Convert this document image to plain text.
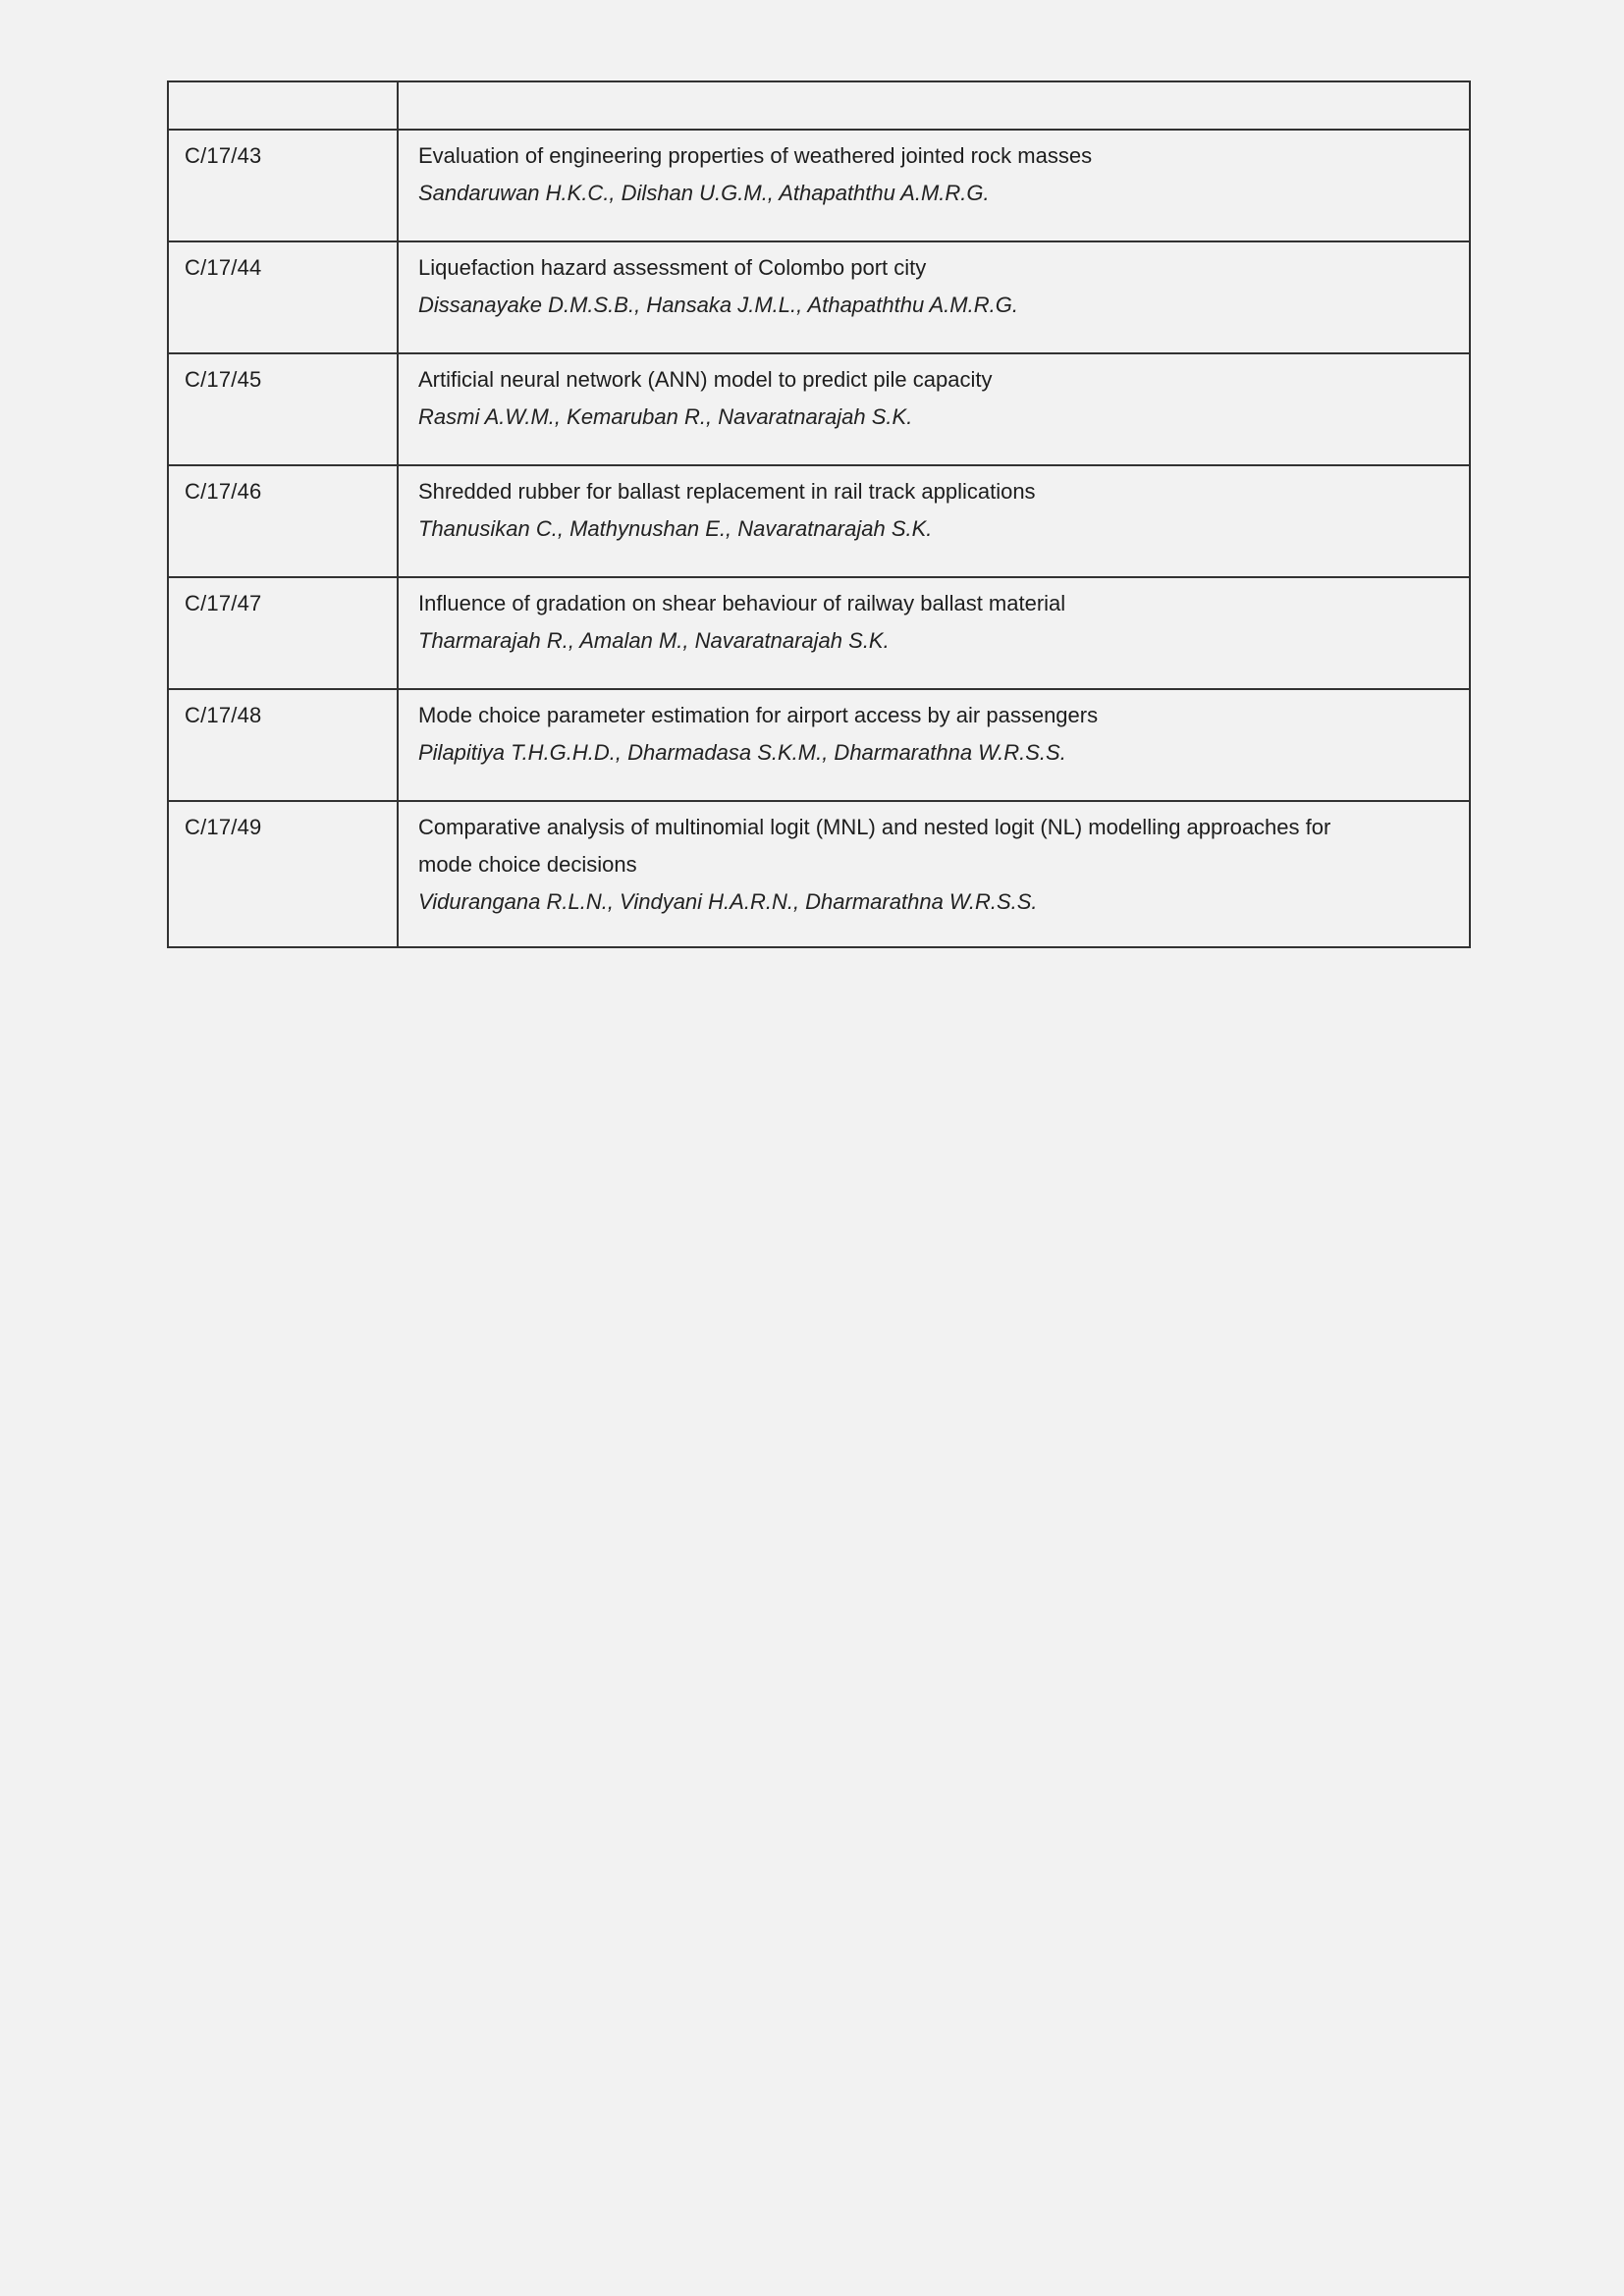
C/17/43	Evaluation of engineering properties of weathered jointed rock masses
Sandaruwan H.K.C., Dilshan U.G.M., Athapaththu A.M.R.G.

C/17/44	Liquefaction hazard assessment of Colombo port city
Dissanayake D.M.S.B., Hansaka J.M.L., Athapaththu A.M.R.G.

C/17/45	Artificial neural network (ANN) model to predict pile capacity
Rasmi A.W.M., Kemaruban R., Navaratnarajah S.K.

C/17/46	Shredded rubber for ballast replacement in rail track applications
Thanusikan C., Mathynushan E., Navaratnarajah S.K.

C/17/47	Influence of gradation on shear behaviour of railway ballast material
Tharmarajah R., Amalan M., Navaratnarajah S.K.

C/17/48	Mode choice parameter estimation for airport access by air passengers
Pilapitiya T.H.G.H.D., Dharmadasa S.K.M., Dharmarathna W.R.S.S.

C/17/49	Comparative analysis of multinomial logit (MNL) and nested logit (NL) modelling approaches for mode choice decisions
Vidurangana R.L.N., Vindyani H.A.R.N., Dharmarathna W.R.S.S.
